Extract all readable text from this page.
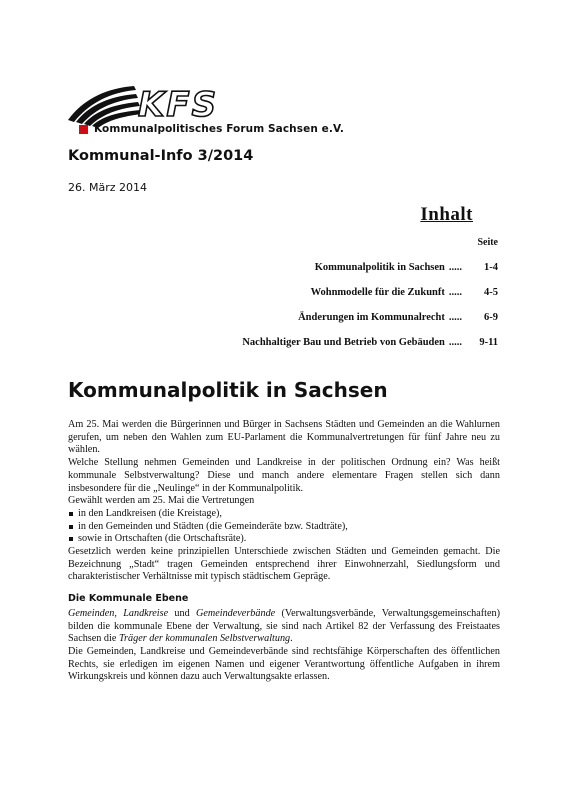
KFS
Kommunalpolitisches Forum Sachsen e.V.
Kommunal-Info 3/2014
26. März 2014
Inhalt
Seite
Kommunalpolitik in Sachsen .....	1-4
Wohnmodelle für die Zukunft .....	4-5
Änderungen im Kommunalrecht .....	6-9
Nachhaltiger Bau und Betrieb von Gebäuden .....	9-11
Kommunalpolitik in Sachsen

Am 25. Mai werden die Bürgerinnen und Bürger in Sachsens Städten und Gemeinden an die Wahlurnen gerufen, um neben den Wahlen zum EU-Parlament die Kommunalvertretungen für fünf Jahre neu zu wählen.

Welche Stellung nehmen Gemeinden und Landkreise in der politischen Ordnung ein? Was heißt kommunale Selbstverwaltung? Diese und manch andere elementare Fragen stellen sich dann insbesondere für die „Neulinge“ in der Kommunalpolitik.

Gewählt werden am 25. Mai die Vertretungen

in den Landkreisen (die Kreistage),
in den Gemeinden und Städten (die Gemeinderäte bzw. Stadträte),
sowie in Ortschaften (die Ortschaftsräte).

Gesetzlich werden keine prinzipiellen Unterschiede zwischen Städten und Gemeinden gemacht. Die Bezeichnung „Stadt“ tragen Gemeinden entsprechend ihrer Einwohnerzahl, Siedlungsform und charakteristischer Verhältnisse mit typisch städtischem Gepräge.

Die Kommunale Ebene

Gemeinden, Landkreise und Gemeindeverbände (Verwaltungsverbände, Verwaltungsgemeinschaften) bilden die kommunale Ebene der Verwaltung, sie sind nach Artikel 82 der Verfassung des Freistaates Sachsen die Träger der kommunalen Selbstverwaltung.

Die Gemeinden, Landkreise und Gemeindeverbände sind rechtsfähige Körperschaften des öffentlichen Rechts, sie erledigen im eigenen Namen und eigener Verantwortung öffentliche Aufgaben in ihrem Wirkungskreis und können dazu auch Verwaltungsakte erlassen.
